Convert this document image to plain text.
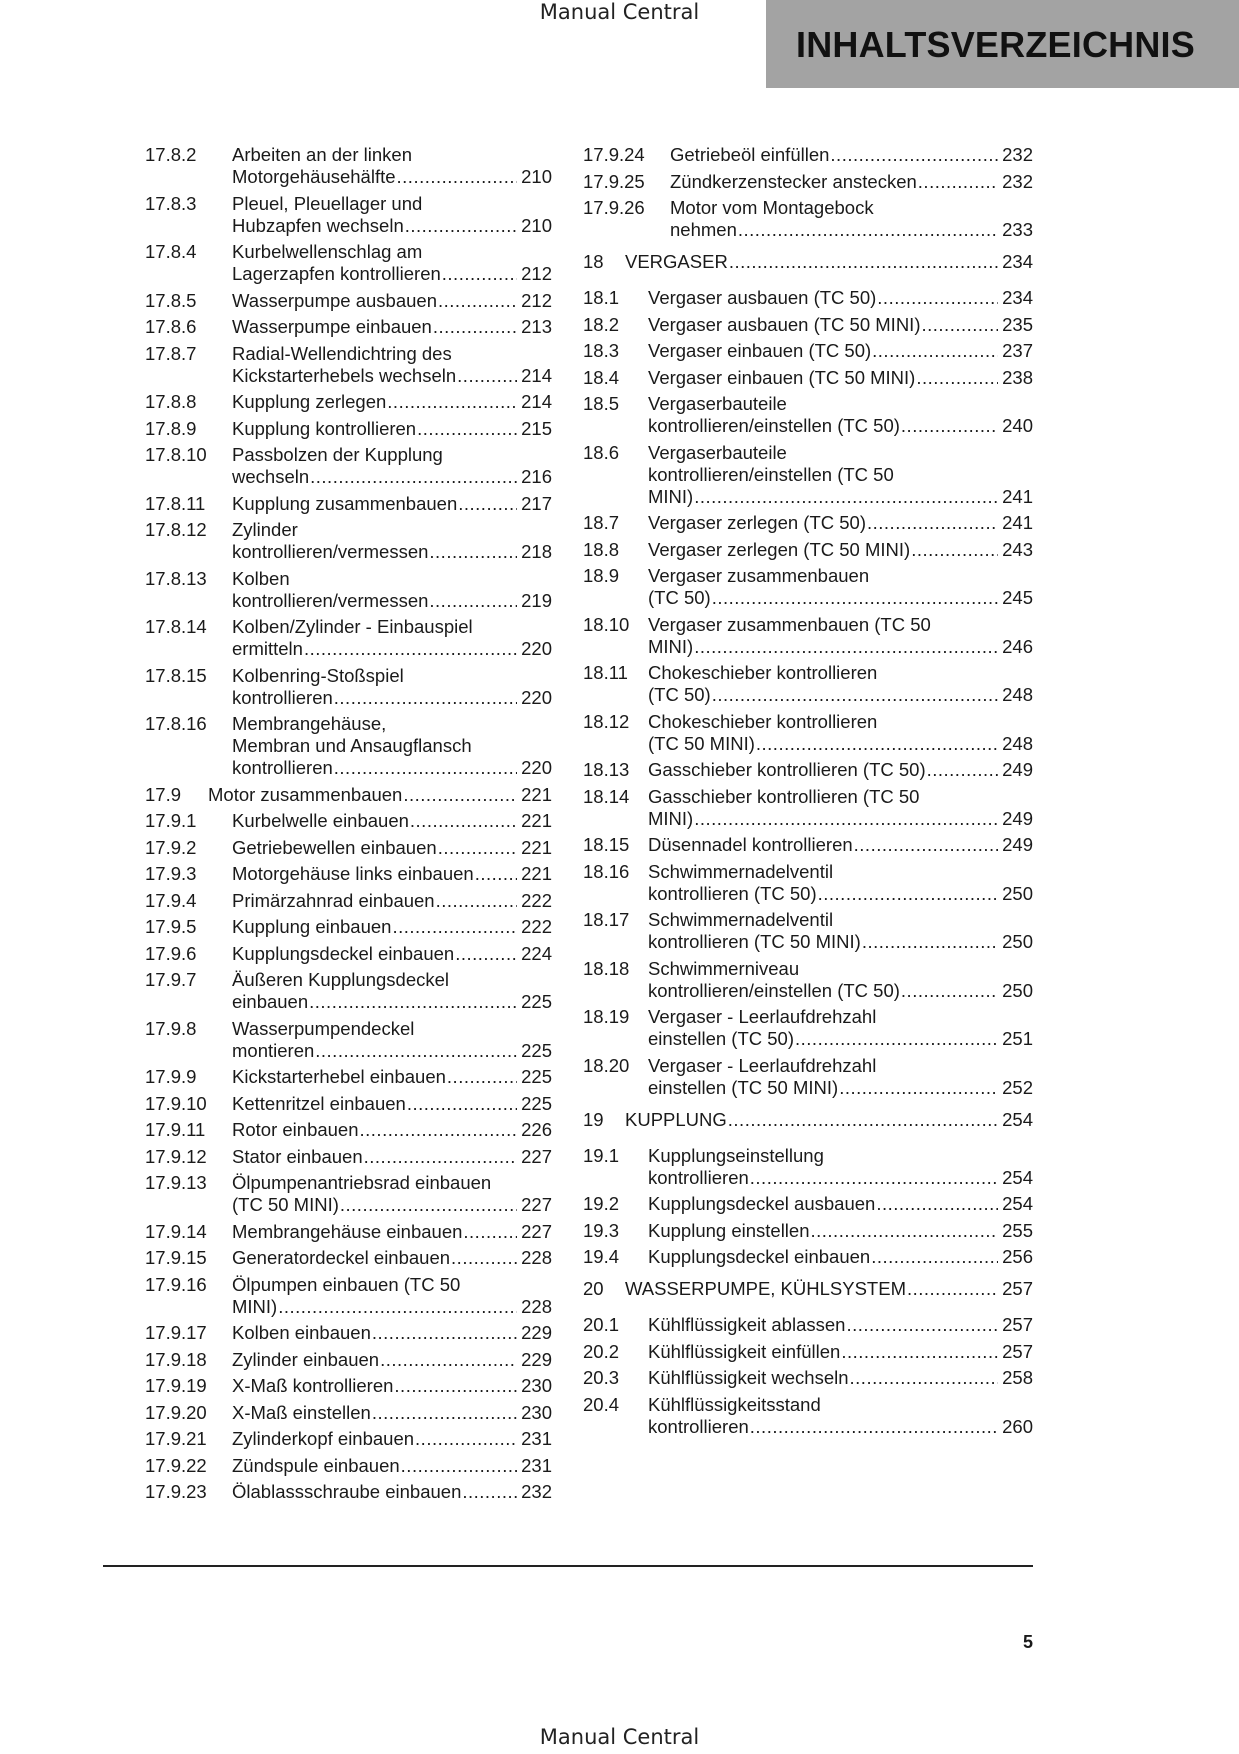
Manual Central
INHALTSVERZEICHNIS
17.8.2 Arbeiten an der linken
Motorgehäusehälfte .....	210
17.8.3 Pleuel, Pleuellager und
Hubzapfen wechseln .....	210
17.8.4 Kurbelwellenschlag am
Lagerzapfen kontrollieren .....	212
17.8.5 Wasserpumpe ausbauen .....	212
17.8.6 Wasserpumpe einbauen .....	213
17.8.7 Radial-Wellendichtring des
Kickstarterhebels wechseln .....	214
17.8.8 Kupplung zerlegen .....	214
17.8.9 Kupplung kontrollieren .....	215
17.8.10 Passbolzen der Kupplung
wechseln .....	216
17.8.11 Kupplung zusammenbauen .....	217
17.8.12 Zylinder
kontrollieren/vermessen .....	218
17.8.13 Kolben
kontrollieren/vermessen .....	219
17.8.14 Kolben/Zylinder - Einbauspiel
ermitteln .....	220
17.8.15 Kolbenring-Stoßspiel
kontrollieren .....	220
17.8.16 Membrangehäuse,
Membran und Ansaugflansch
kontrollieren .....	220
17.9 Motor zusammenbauen .....	221
17.9.1 Kurbelwelle einbauen .....	221
17.9.2 Getriebewellen einbauen .....	221
17.9.3 Motorgehäuse links einbauen .....	221
17.9.4 Primärzahnrad einbauen .....	222
17.9.5 Kupplung einbauen .....	222
17.9.6 Kupplungsdeckel einbauen .....	224
17.9.7 Äußeren Kupplungsdeckel
einbauen .....	225
17.9.8 Wasserpumpendeckel
montieren .....	225
17.9.9 Kickstarterhebel einbauen .....	225
17.9.10 Kettenritzel einbauen .....	225
17.9.11 Rotor einbauen .....	226
17.9.12 Stator einbauen .....	227
17.9.13 Ölpumpenantriebsrad einbauen
(TC 50 MINI) .....	227
17.9.14 Membrangehäuse einbauen .....	227
17.9.15 Generatordeckel einbauen .....	228
17.9.16 Ölpumpen einbauen (TC 50
MINI) .....	228
17.9.17 Kolben einbauen .....	229
17.9.18 Zylinder einbauen .....	229
17.9.19 X-Maß kontrollieren .....	230
17.9.20 X-Maß einstellen .....	230
17.9.21 Zylinderkopf einbauen .....	231
17.9.22 Zündspule einbauen .....	231
17.9.23 Ölablassschraube einbauen .....	232
17.9.24 Getriebeöl einfüllen .....	232
17.9.25 Zündkerzenstecker anstecken .....	232
17.9.26 Motor vom Montagebock
nehmen .....	233
18 VERGASER .....	234
18.1 Vergaser ausbauen (TC 50) .....	234
18.2 Vergaser ausbauen (TC 50 MINI) .....	235
18.3 Vergaser einbauen (TC 50) .....	237
18.4 Vergaser einbauen (TC 50 MINI) .....	238
18.5 Vergaserbauteile
kontrollieren/einstellen (TC 50) .....	240
18.6 Vergaserbauteile
kontrollieren/einstellen (TC 50
MINI) .....	241
18.7 Vergaser zerlegen (TC 50) .....	241
18.8 Vergaser zerlegen (TC 50 MINI) .....	243
18.9 Vergaser zusammenbauen
(TC 50) .....	245
18.10 Vergaser zusammenbauen (TC 50
MINI) .....	246
18.11 Chokeschieber kontrollieren
(TC 50) .....	248
18.12 Chokeschieber kontrollieren
(TC 50 MINI) .....	248
18.13 Gasschieber kontrollieren (TC 50) .....	249
18.14 Gasschieber kontrollieren (TC 50
MINI) .....	249
18.15 Düsennadel kontrollieren .....	249
18.16 Schwimmernadelventil
kontrollieren (TC 50) .....	250
18.17 Schwimmernadelventil
kontrollieren (TC 50 MINI) .....	250
18.18 Schwimmerniveau
kontrollieren/einstellen (TC 50) .....	250
18.19 Vergaser - Leerlaufdrehzahl
einstellen (TC 50) .....	251
18.20 Vergaser - Leerlaufdrehzahl
einstellen (TC 50 MINI) .....	252
19 KUPPLUNG .....	254
19.1 Kupplungseinstellung
kontrollieren .....	254
19.2 Kupplungsdeckel ausbauen .....	254
19.3 Kupplung einstellen .....	255
19.4 Kupplungsdeckel einbauen .....	256
20 WASSERPUMPE, KÜHLSYSTEM .....	257
20.1 Kühlflüssigkeit ablassen .....	257
20.2 Kühlflüssigkeit einfüllen .....	257
20.3 Kühlflüssigkeit wechseln .....	258
20.4 Kühlflüssigkeitsstand
kontrollieren .....	260
5
Manual Central
